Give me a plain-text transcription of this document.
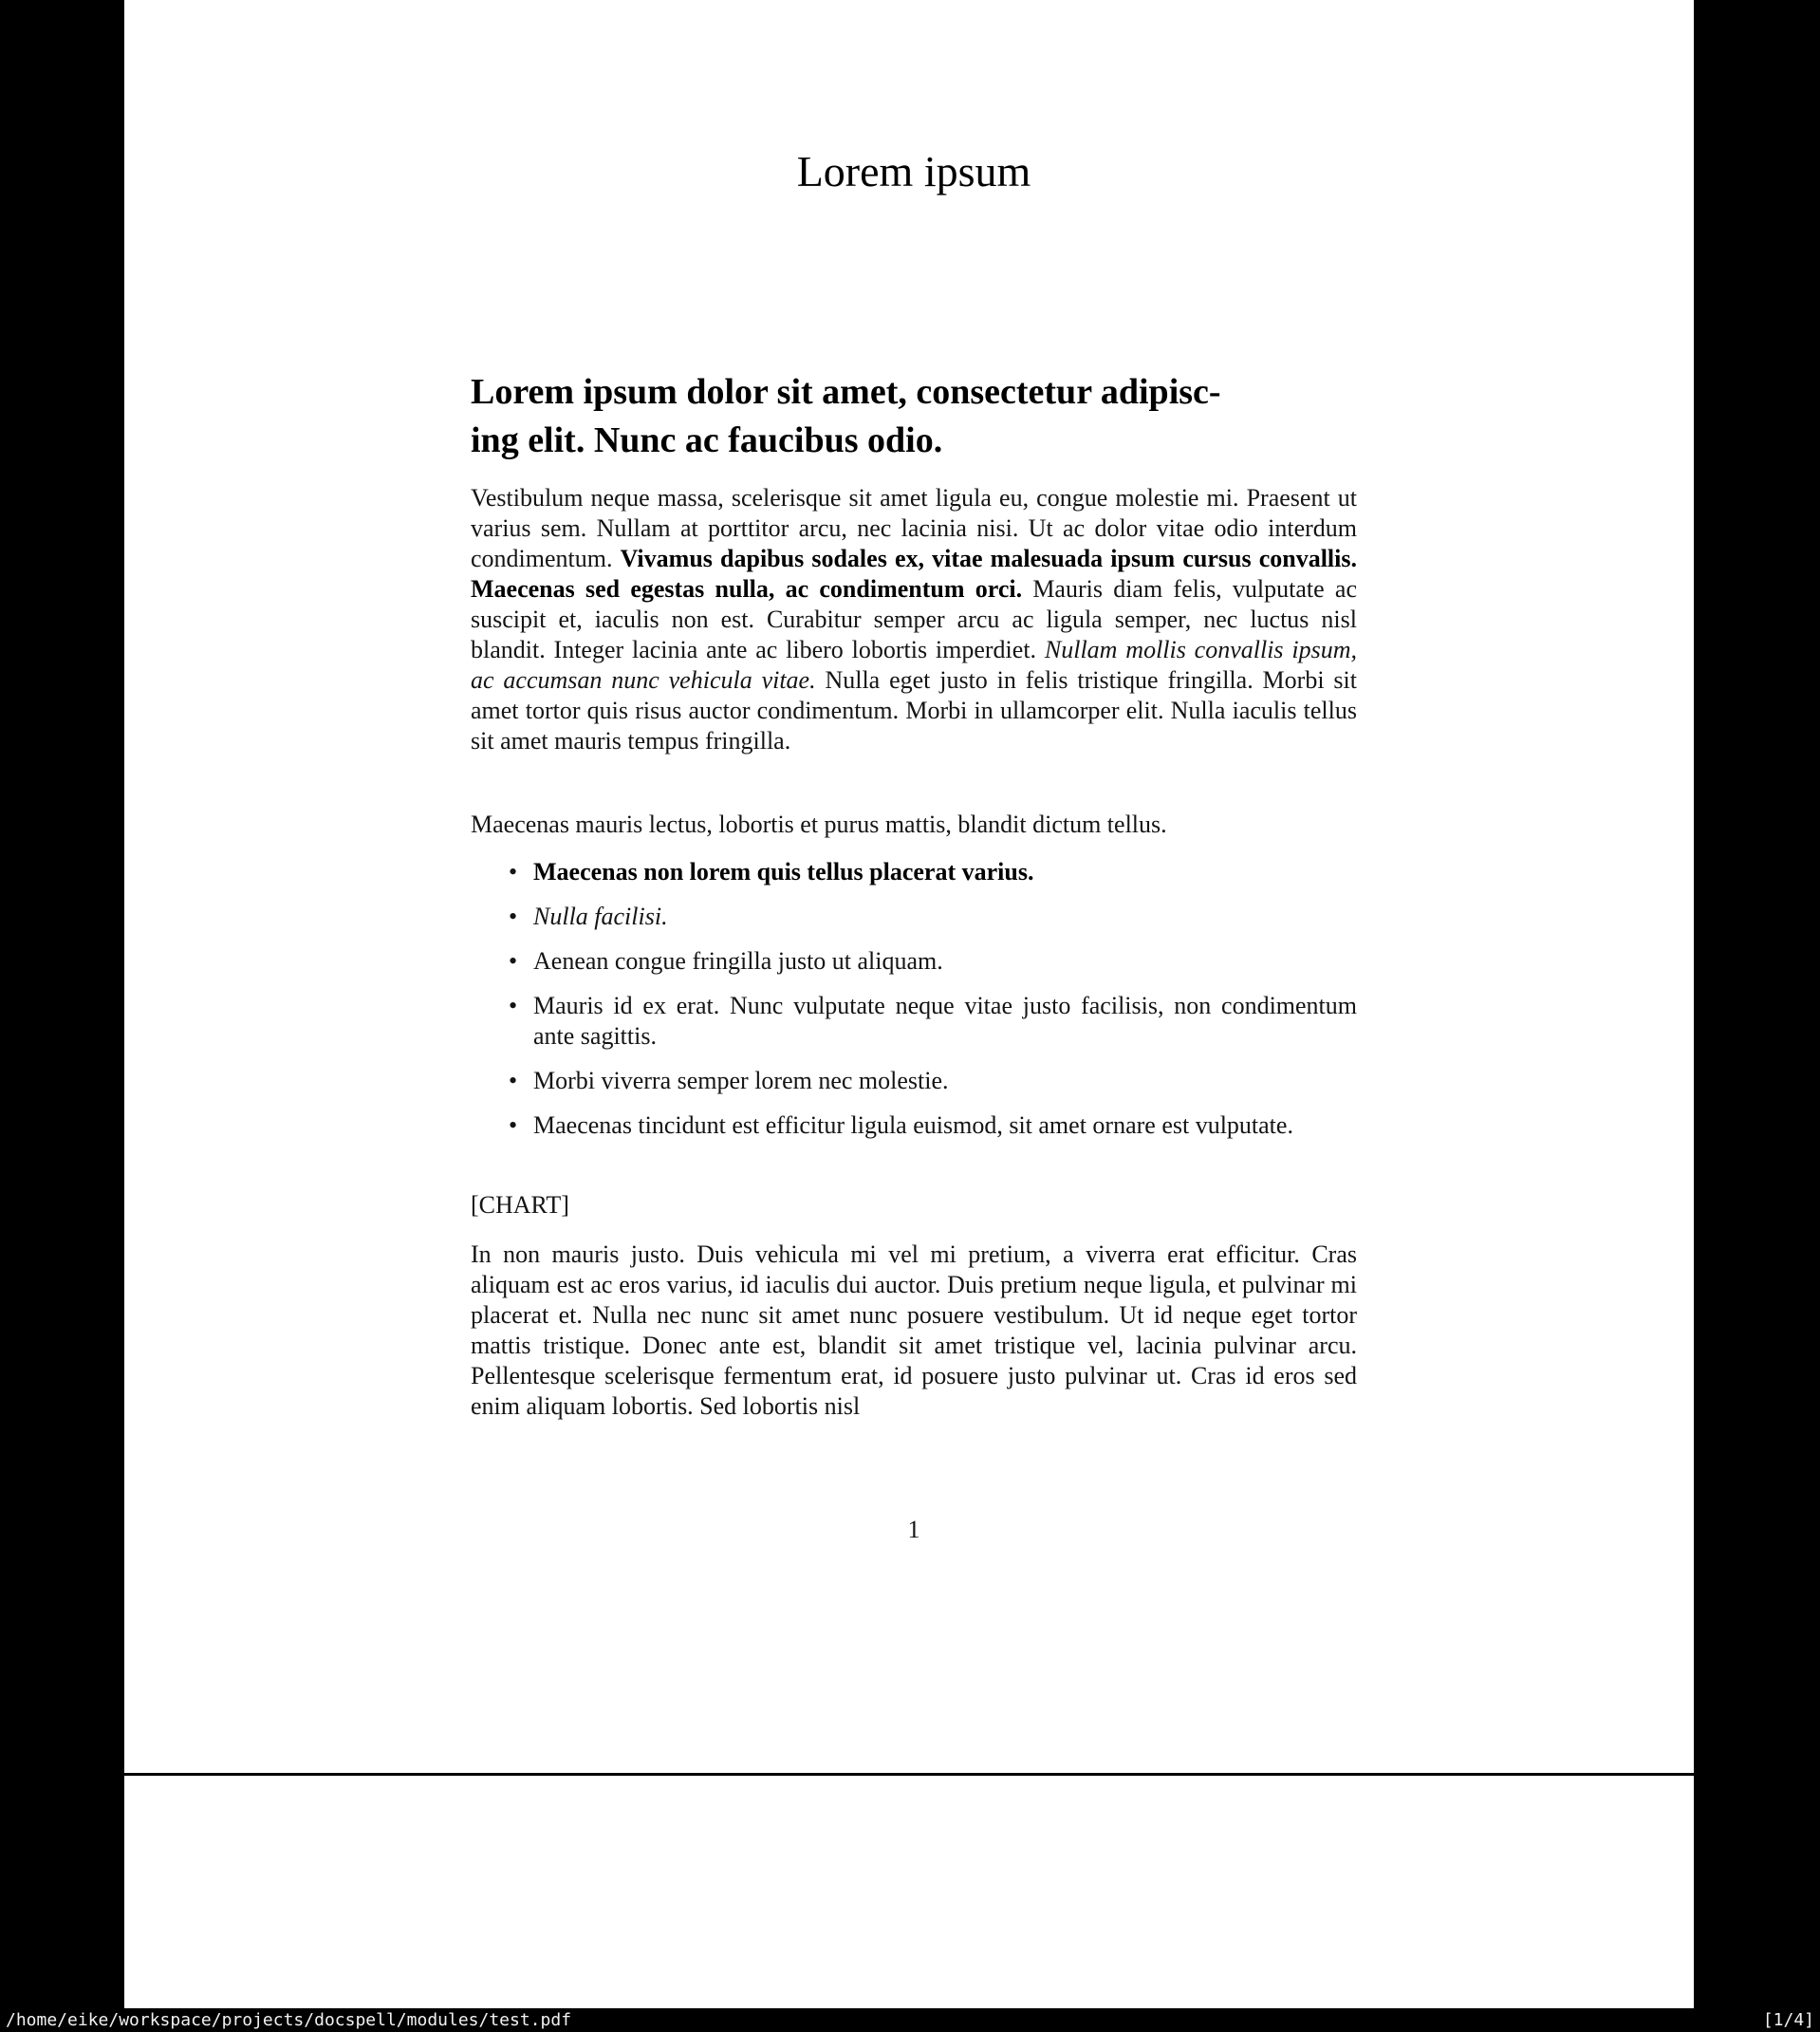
Lorem ipsum
Lorem ipsum dolor sit amet, consectetur adipisc-
ing elit. Nunc ac faucibus odio.
Vestibulum neque massa, scelerisque sit amet ligula eu, congue molestie mi. Praesent ut varius sem. Nullam at porttitor arcu, nec lacinia nisi. Ut ac dolor vitae odio interdum condimentum. Vivamus dapibus sodales ex, vitae malesuada ipsum cursus convallis. Maecenas sed egestas nulla, ac condimentum orci. Mauris diam felis, vulputate ac suscipit et, iaculis non est. Curabitur semper arcu ac ligula semper, nec luctus nisl blandit. Integer lacinia ante ac libero lobortis imperdiet. Nullam mollis convallis ipsum, ac accumsan nunc vehicula vitae. Nulla eget justo in felis tristique fringilla. Morbi sit amet tortor quis risus auctor condimentum. Morbi in ullamcorper elit. Nulla iaculis tellus sit amet mauris tempus fringilla.
Maecenas mauris lectus, lobortis et purus mattis, blandit dictum tellus.
• Maecenas non lorem quis tellus placerat varius.
• Nulla facilisi.
• Aenean congue fringilla justo ut aliquam.
• Mauris id ex erat. Nunc vulputate neque vitae justo facilisis, non condimentum ante sagittis.
• Morbi viverra semper lorem nec molestie.
• Maecenas tincidunt est efficitur ligula euismod, sit amet ornare est vulputate.
[CHART]
In non mauris justo. Duis vehicula mi vel mi pretium, a viverra erat efficitur. Cras aliquam est ac eros varius, id iaculis dui auctor. Duis pretium neque ligula, et pulvinar mi placerat et. Nulla nec nunc sit amet nunc posuere vestibulum. Ut id neque eget tortor mattis tristique. Donec ante est, blandit sit amet tristique vel, lacinia pulvinar arcu. Pellentesque scelerisque fermentum erat, id posuere justo pulvinar ut. Cras id eros sed enim aliquam lobortis. Sed lobortis nisl
1
/home/eike/workspace/projects/docspell/modules/test.pdf	[1/4]
